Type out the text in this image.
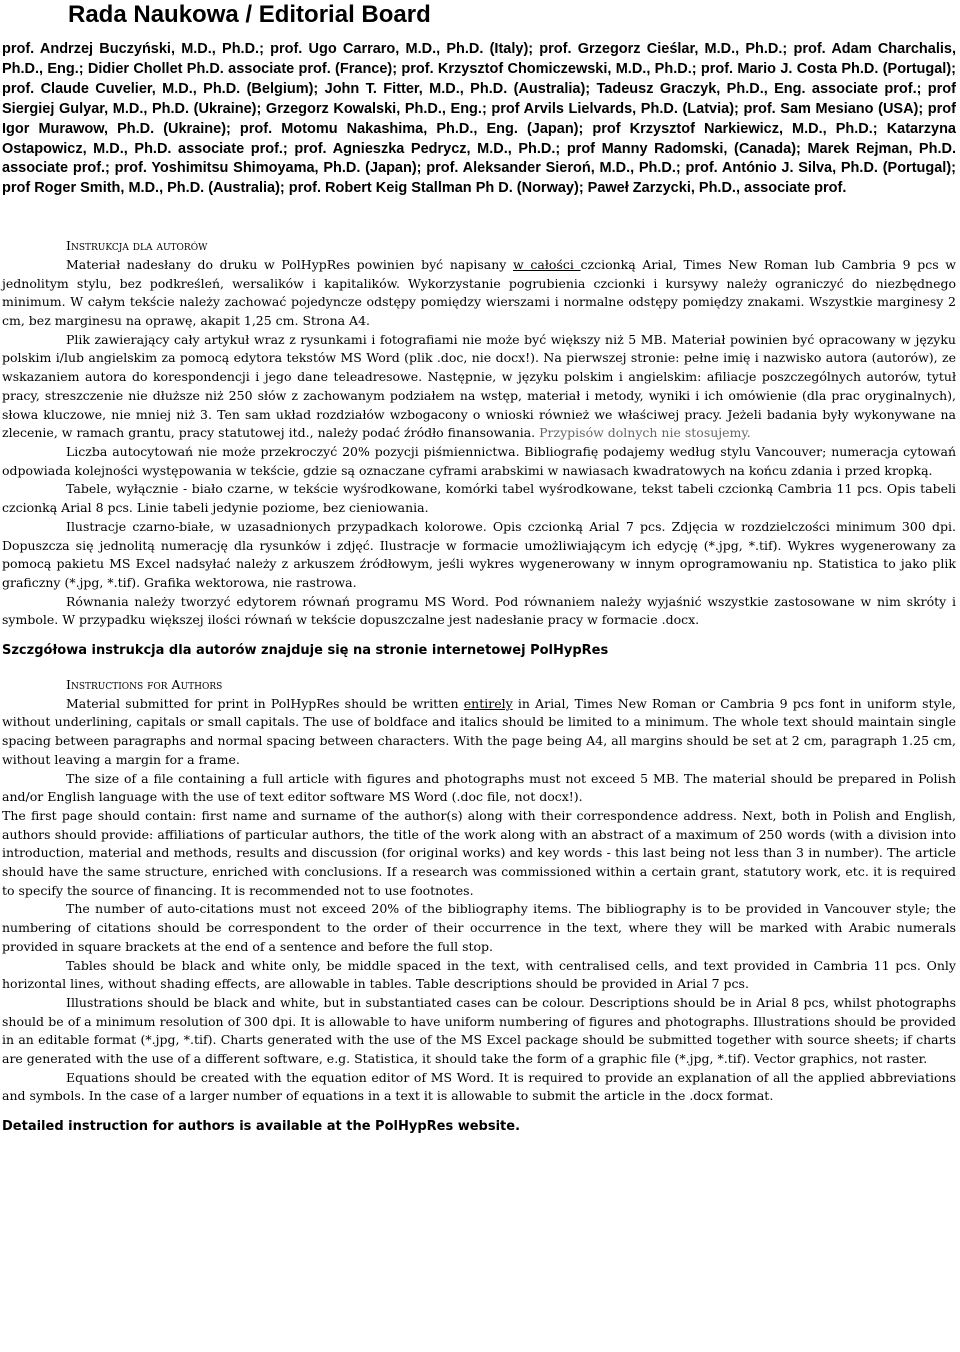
Rada Naukowa / Editorial Board

prof. Andrzej Buczyński, M.D., Ph.D.; prof. Ugo Carraro, M.D., Ph.D. (Italy); prof. Grzegorz Cieślar, M.D., Ph.D.; prof. Adam Charchalis, Ph.D., Eng.; Didier Chollet Ph.D. associate prof. (France); prof. Krzysztof Chomiczewski, M.D., Ph.D.; prof. Mario J. Costa Ph.D. (Portugal); prof. Claude Cuvelier, M.D., Ph.D. (Belgium); John T. Fitter, M.D., Ph.D. (Australia); Tadeusz Graczyk, Ph.D., Eng. associate prof.; prof Siergiej Gulyar, M.D., Ph.D. (Ukraine); Grzegorz Kowalski, Ph.D., Eng.; prof Arvils Lielvards, Ph.D. (Latvia); prof. Sam Mesiano (USA); prof Igor Murawow, Ph.D. (Ukraine); prof. Motomu Nakashima, Ph.D., Eng. (Japan); prof Krzysztof Narkiewicz, M.D., Ph.D.; Katarzyna Ostapowicz, M.D., Ph.D. associate prof.; prof. Agnieszka Pedrycz, M.D., Ph.D.; prof Manny Radomski, (Canada); Marek Rejman, Ph.D. associate prof.; prof. Yoshimitsu Shimoyama, Ph.D. (Japan); prof. Aleksander Sieroń, M.D., Ph.D.; prof. António J. Silva, Ph.D. (Portugal); prof Roger Smith, M.D., Ph.D. (Australia); prof. Robert Keig Stallman Ph D. (Norway); Paweł Zarzycki, Ph.D., associate prof.

Instrukcja dla autorów

Materiał nadesłany do druku w PolHypRes powinien być napisany w całości czcionką Arial, Times New Roman lub Cambria 9 pcs w jednolitym stylu, bez podkreśleń, wersalików i kapitalików. Wykorzystanie pogrubienia czcionki i kursywy należy ograniczyć do niezbędnego minimum. W całym tekście należy zachować pojedyncze odstępy pomiędzy wierszami i normalne odstępy pomiędzy znakami. Wszystkie marginesy 2 cm, bez marginesu na oprawę, akapit 1,25 cm. Strona A4.

Plik zawierający cały artykuł wraz z rysunkami i fotografiami nie może być większy niż 5 MB. Materiał powinien być opracowany w języku polskim i/lub angielskim za pomocą edytora tekstów MS Word (plik .doc, nie docx!). Na pierwszej stronie: pełne imię i nazwisko autora (autorów), ze wskazaniem autora do korespondencji i jego dane teleadresowe. Następnie, w języku polskim i angielskim: afiliacje poszczególnych autorów, tytuł pracy, streszczenie nie dłuższe niż 250 słów z zachowanym podziałem na wstęp, materiał i metody, wyniki i ich omówienie (dla prac oryginalnych), słowa kluczowe, nie mniej niż 3. Ten sam układ rozdziałów wzbogacony o wnioski również we właściwej pracy. Jeżeli badania były wykonywane na zlecenie, w ramach grantu, pracy statutowej itd., należy podać źródło finansowania. Przypisów dolnych nie stosujemy.

Liczba autocytowań nie może przekroczyć 20% pozycji piśmiennictwa. Bibliografię podajemy według stylu Vancouver; numeracja cytowań odpowiada kolejności występowania w tekście, gdzie są oznaczane cyframi arabskimi w nawiasach kwadratowych na końcu zdania i przed kropką.

Tabele, wyłącznie - biało czarne, w tekście wyśrodkowane, komórki tabel wyśrodkowane, tekst tabeli czcionką Cambria 11 pcs. Opis tabeli czcionką Arial 8 pcs. Linie tabeli jedynie poziome, bez cieniowania.

Ilustracje czarno-białe, w uzasadnionych przypadkach kolorowe. Opis czcionką Arial 7 pcs. Zdjęcia w rozdzielczości minimum 300 dpi. Dopuszcza się jednolitą numerację dla rysunków i zdjęć. Ilustracje w formacie umożliwiającym ich edycję (*.jpg, *.tif). Wykres wygenerowany za pomocą pakietu MS Excel nadsyłać należy z arkuszem źródłowym, jeśli wykres wygenerowany w innym oprogramowaniu np. Statistica to jako plik graficzny (*.jpg, *.tif). Grafika wektorowa, nie rastrowa.

Równania należy tworzyć edytorem równań programu MS Word. Pod równaniem należy wyjaśnić wszystkie zastosowane w nim skróty i symbole. W przypadku większej ilości równań w tekście dopuszczalne jest nadesłanie pracy w formacie .docx.

Szczgółowa instrukcja dla autorów znajduje się na stronie internetowej PolHypRes

Instructions for Authors

Material submitted for print in PolHypRes should be written entirely in Arial, Times New Roman or Cambria 9 pcs font in uniform style, without underlining, capitals or small capitals. The use of boldface and italics should be limited to a minimum. The whole text should maintain single spacing between paragraphs and normal spacing between characters. With the page being A4, all margins should be set at 2 cm, paragraph 1.25 cm, without leaving a margin for a frame.

The size of a file containing a full article with figures and photographs must not exceed 5 MB. The material should be prepared in Polish and/or English language with the use of text editor software MS Word (.doc file, not docx!).

The first page should contain: first name and surname of the author(s) along with their correspondence address. Next, both in Polish and English, authors should provide: affiliations of particular authors, the title of the work along with an abstract of a maximum of 250 words (with a division into introduction, material and methods, results and discussion (for original works) and key words - this last being not less than 3 in number). The article should have the same structure, enriched with conclusions. If a research was commissioned within a certain grant, statutory work, etc. it is required to specify the source of financing. It is recommended not to use footnotes.

The number of auto-citations must not exceed 20% of the bibliography items. The bibliography is to be provided in Vancouver style; the numbering of citations should be correspondent to the order of their occurrence in the text, where they will be marked with Arabic numerals provided in square brackets at the end of a sentence and before the full stop.

Tables should be black and white only, be middle spaced in the text, with centralised cells, and text provided in Cambria 11 pcs. Only horizontal lines, without shading effects, are allowable in tables. Table descriptions should be provided in Arial 7 pcs.

Illustrations should be black and white, but in substantiated cases can be colour. Descriptions should be in Arial 8 pcs, whilst photographs should be of a minimum resolution of 300 dpi. It is allowable to have uniform numbering of figures and photographs. Illustrations should be provided in an editable format (*.jpg, *.tif). Charts generated with the use of the MS Excel package should be submitted together with source sheets; if charts are generated with the use of a different software, e.g. Statistica, it should take the form of a graphic file (*.jpg, *.tif). Vector graphics, not raster.

Equations should be created with the equation editor of MS Word. It is required to provide an explanation of all the applied abbreviations and symbols. In the case of a larger number of equations in a text it is allowable to submit the article in the .docx format.

Detailed instruction for authors is available at the PolHypRes website.
